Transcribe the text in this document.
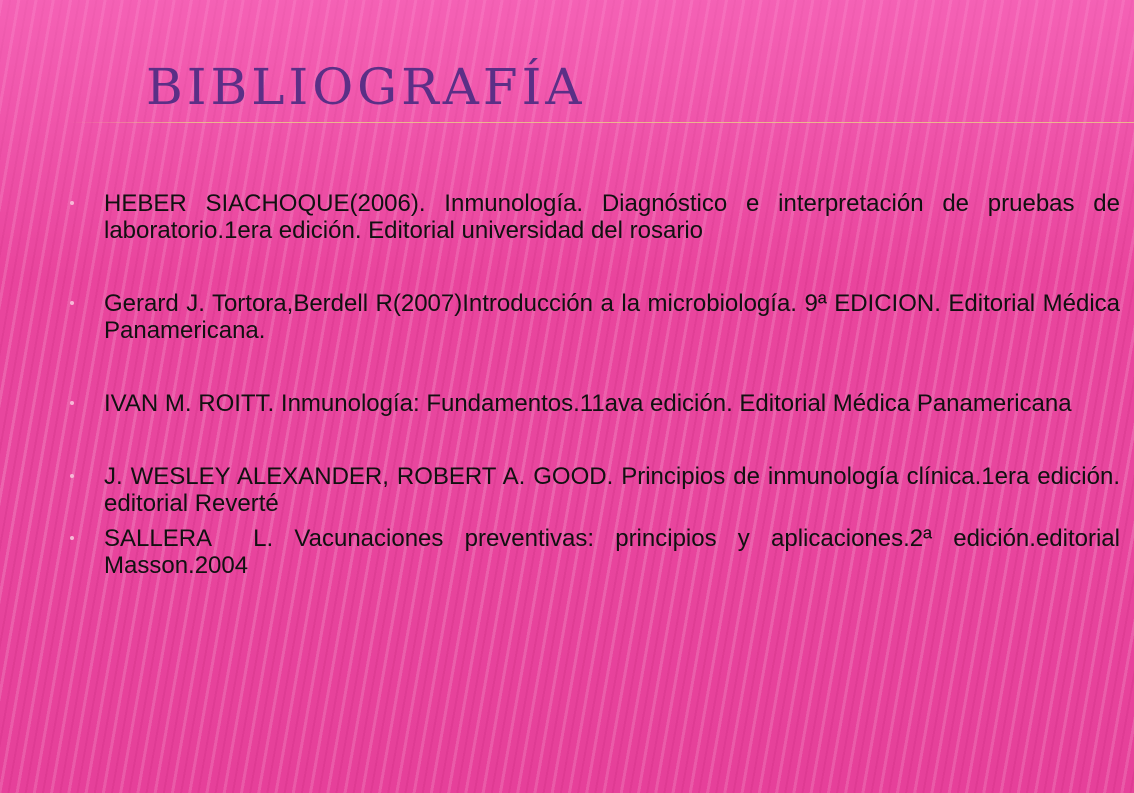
BIBLIOGRAFÍA
HEBER SIACHOQUE(2006). Inmunología. Diagnóstico e interpretación de pruebas de laboratorio.1era edición. Editorial universidad del rosario
Gerard J. Tortora,Berdell R(2007)Introducción a la microbiología. 9ª EDICION. Editorial Médica Panamericana.
IVAN M. ROITT. Inmunología: Fundamentos.11ava edición. Editorial Médica Panamericana
J. WESLEY ALEXANDER, ROBERT A. GOOD. Principios de inmunología clínica.1era edición. editorial Reverté
SALLERA  L. Vacunaciones preventivas: principios y aplicaciones.2ª edición.editorial Masson.2004
